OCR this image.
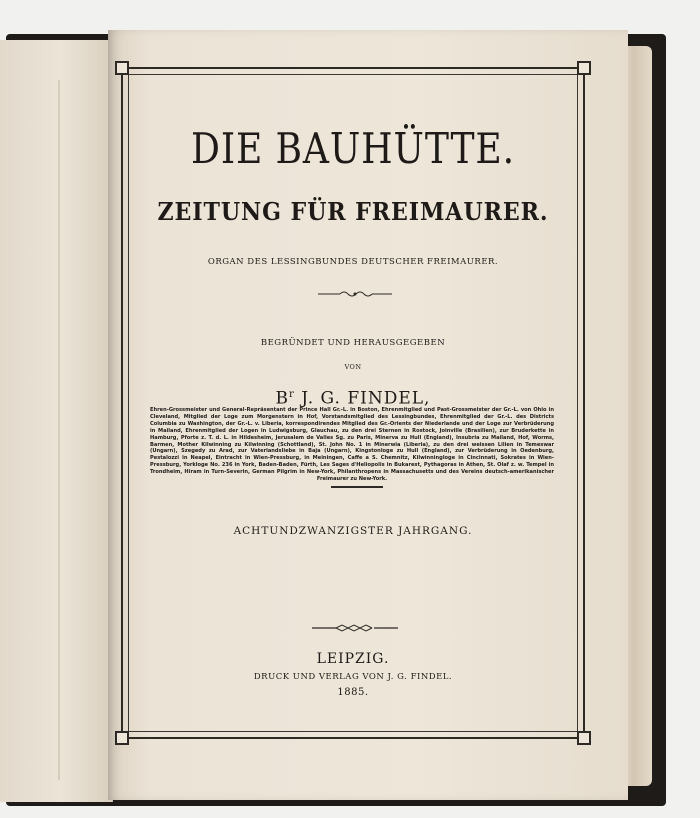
DIE BAUHÜTTE.
ZEITUNG FÜR FREIMAURER.
ORGAN DES LESSINGBUNDES DEUTSCHER FREIMAURER.
BEGRÜNDET UND HERAUSGEGEBEN
VON
$B^r$ J. G. FINDEL,
Ehren-Grossmeister und General-Repräsentant der Prince Hall Gr.-L. in Boston, Ehrenmitglied und Past-Grossmeister der Gr.-L. von Ohio in Cleveland, Mitglied der Loge zum Morgenstern in Hof, Vorstandsmitglied des Lessingbundes, Ehrenmitglied der Gr.-L. des Districts Columbia zu Washington, der Gr.-L. v. Liberia, korrespondirendes Mitglied des Gr.-Orients der Niederlande und der Loge zur Verbrüderung in Mailand, Ehrenmitglied der Logen in Ludwigsburg, Glauchau, zu den drei Sternen in Rostock, Joinville (Brasilien), zur Bruderkette in Hamburg, Pforte z. T. d. L. in Hildesheim, Jerusalem de Valles Sg. zu Paris, Minerva zu Hull (England), Insubria zu Mailand, Hof, Worms, Barmen, Mother Kilwinning zu Kilwinning (Schottland), St. John No. 1 in Minerwia (Liberia), zu den drei weissen Lilien in Temeswar (Ungarn), Szegedy zu Arad, zur Vaterlandsliebe in Baja (Ungarn), Kingstonloge zu Hull (England), zur Verbrüderung in Oedenburg, Pestalozzi in Neapel, Eintracht in Wien-Pressburg, in Meiningen, Caffe a S. Chemnitz, Kilwinningloge in Cincinnati, Sokrates in Wien-Pressburg, Yorkloge No. 236 in York, Baden-Baden, Fürth, Les Sages d'Heliopolis in Bukarest, Pythagoras in Athen, St. Olaf z. w. Tempel in Trondheim, Hiram in Turn-Severin, German Pilgrim in New-York, Philanthropens in Massachusetts und des Vereins deutsch-amerikanischer Freimaurer zu New-York.
ACHTUNDZWANZIGSTER JAHRGANG.
LEIPZIG.
DRUCK UND VERLAG VON J. G. FINDEL.
1885.
